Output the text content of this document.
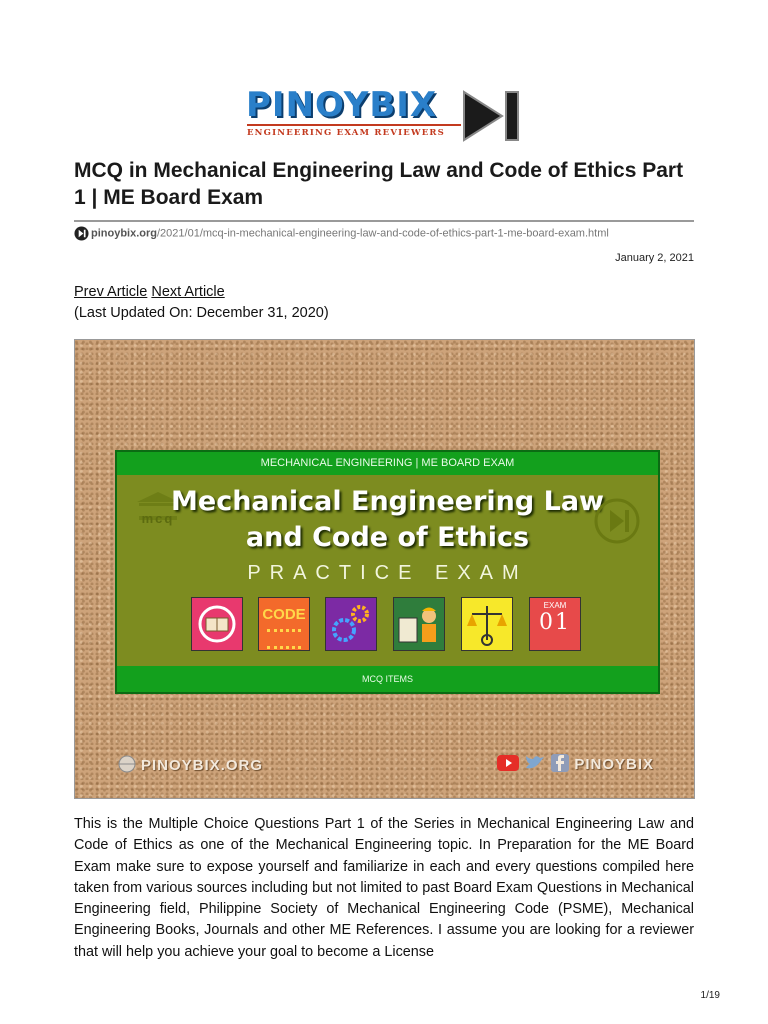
PINOYBIX
ENGINEERING EXAM REVIEWERS
MCQ in Mechanical Engineering Law and Code of Ethics Part 1 | ME Board Exam
pinoybix.org/2021/01/mcq-in-mechanical-engineering-law-and-code-of-ethics-part-1-me-board-exam.html
January 2, 2021
Prev Article Next Article
(Last Updated On: December 31, 2020)
MECHANICAL ENGINEERING | ME BOARD EXAM
mcq
Mechanical Engineering Law
and Code of Ethics
PRACTICE EXAM
CODE
EXAM
01
MCQ ITEMS
PINOYBIX.ORG	PINOYBIX

This is the Multiple Choice Questions Part 1 of the Series in Mechanical Engineering Law and Code of Ethics as one of the Mechanical Engineering topic. In Preparation for the ME Board Exam make sure to expose yourself and familiarize in each and every questions compiled here taken from various sources including but not limited to past Board Exam Questions in Mechanical Engineering field, Philippine Society of Mechanical Engineering Code (PSME), Mechanical Engineering Books, Journals and other ME References. I assume you are looking for a reviewer that will help you achieve your goal to become a License

1/19
